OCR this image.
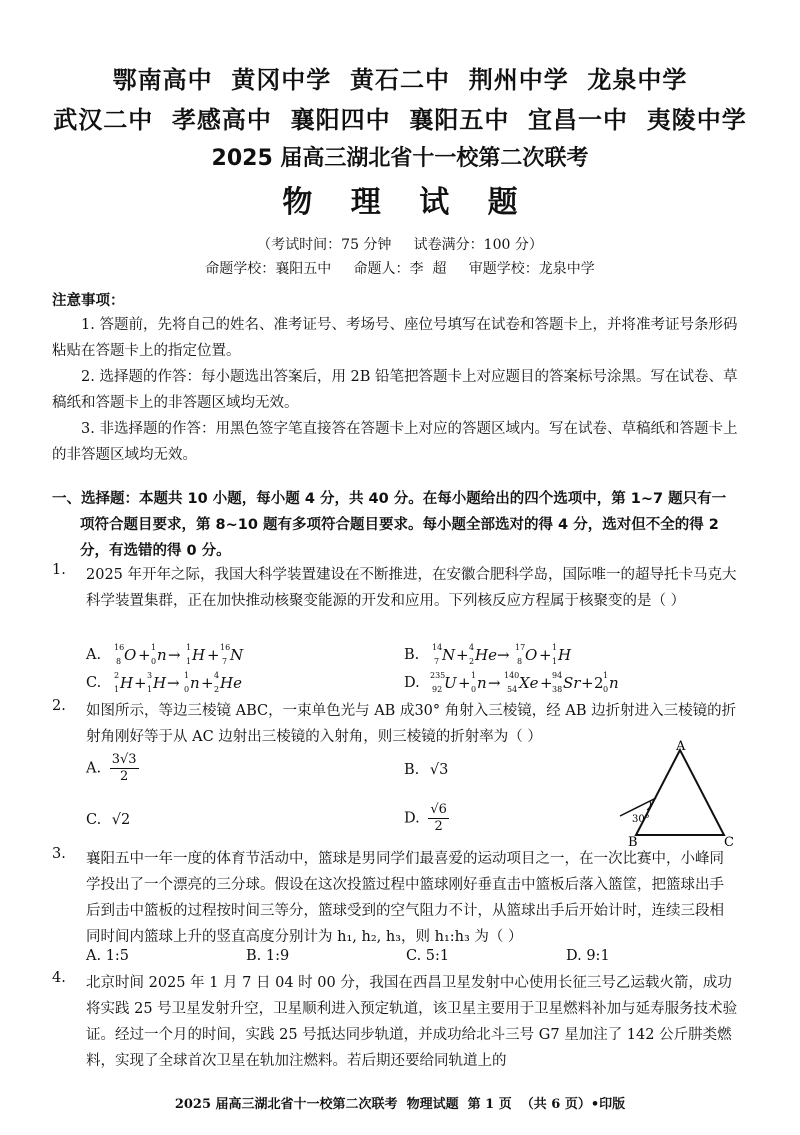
鄂南高中  黄冈中学  黄石二中  荆州中学  龙泉中学
武汉二中  孝感高中  襄阳四中  襄阳五中  宜昌一中  夷陵中学
2025 届高三湖北省十一校第二次联考
物 理 试 题
（考试时间：75 分钟     试卷满分：100 分）
命题学校：襄阳五中     命题人：李  超     审题学校：龙泉中学
注意事项：
1. 答题前，先将自己的姓名、准考证号、考场号、座位号填写在试卷和答题卡上，并将准考证号条形码粘贴在答题卡上的指定位置。
2. 选择题的作答：每小题选出答案后，用 2B 铅笔把答题卡上对应题目的答案标号涂黑。写在试卷、草稿纸和答题卡上的非答题区域均无效。
3. 非选择题的作答：用黑色签字笔直接答在答题卡上对应的答题区域内。写在试卷、草稿纸和答题卡上的非答题区域均无效。
一、选择题：本题共 10 小题，每小题 4 分，共 40 分。在每小题给出的四个选项中，第 1~7 题只有一项符合题目要求，第 8~10 题有多项符合题目要求。每小题全部选对的得 4 分，选对但不全的得 2 分，有选错的得 0 分。
1. 2025 年开年之际，我国大科学装置建设在不断推进，在安徽合肥科学岛，国际唯一的超导托卡马克大科学装置集群，正在加快推动核聚变能源的开发和应用。下列核反应方程属于核聚变的是（ ）
A. 16
8 O + 1
0 n → 1
1 H + 16
7 N	B. 14
7 N + 4
2 He → 17
8 O + 1
1 H
C. 2
1 H + 3
1 H → 1
0 n + 4
2 He	D. 235
92 U + 1
0 n → 140
54 Xe + 94
38 Sr + 2 1
0 n
2. 如图所示，等边三棱镜 ABC，一束单色光与 AB 成30° 角射入三棱镜，经 AB 边折射进入三棱镜的折射角刚好等于从 AC 边射出三棱镜的入射角，则三棱镜的折射率为（ ）
A. $\frac{3√3}{2}$	B. √3
C. √2	D. $\frac{√6}{2}$
A
B	C
30°
3. 襄阳五中一年一度的体育节活动中，篮球是男同学们最喜爱的运动项目之一，在一次比赛中，小峰同学投出了一个漂亮的三分球。假设在这次投篮过程中篮球刚好垂直击中篮板后落入篮筐，把篮球出手后到击中篮板的过程按时间三等分，篮球受到的空气阻力不计，从篮球出手后开始计时，连续三段相同时间内篮球上升的竖直高度分别计为 h₁, h₂, h₃，则 h₁:h₃ 为（ ）
A. 1:5	B. 1:9	C. 5:1	D. 9:1
4. 北京时间 2025 年 1 月 7 日 04 时 00 分，我国在西昌卫星发射中心使用长征三号乙运载火箭，成功将实践 25 号卫星发射升空，卫星顺利进入预定轨道，该卫星主要用于卫星燃料补加与延寿服务技术验证。经过一个月的时间，实践 25 号抵达同步轨道，并成功给北斗三号 G7 星加注了 142 公斤肼类燃料，实现了全球首次卫星在轨加注燃料。若后期还要给同轨道上的
2025 届高三湖北省十一校第二次联考  物理试题  第 1 页  （共 6 页）•印版
